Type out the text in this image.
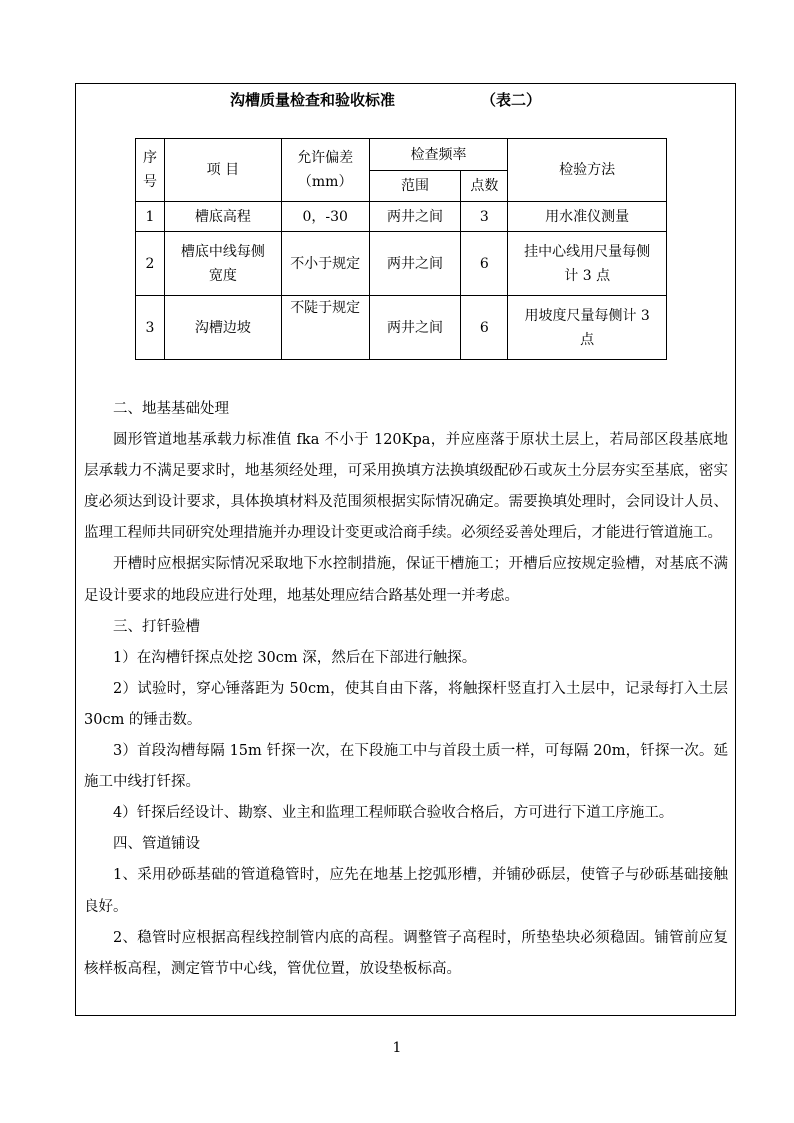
沟槽质量检查和验收标准	（表二）
序号	项 目	允许偏差（mm）	检查频率		检验方法
			范围	点数	
1	槽底高程	0，-30	两井之间	3	用水准仪测量
2	槽底中线每侧宽度	不小于规定	两井之间	6	挂中心线用尺量每侧计 3 点
3	沟槽边坡	不陡于规定	两井之间	6	用坡度尺量每侧计 3 点

二、地基基础处理

圆形管道地基承载力标准值 fka 不小于 120Kpa，并应座落于原状土层上，若局部区段基底地层承载力不满足要求时，地基须经处理，可采用换填方法换填级配砂石或灰土分层夯实至基底，密实度必须达到设计要求，具体换填材料及范围须根据实际情况确定。需要换填处理时，会同设计人员、监理工程师共同研究处理措施并办理设计变更或洽商手续。必须经妥善处理后，才能进行管道施工。

开槽时应根据实际情况采取地下水控制措施，保证干槽施工；开槽后应按规定验槽，对基底不满足设计要求的地段应进行处理，地基处理应结合路基处理一并考虑。

三、打钎验槽

1）在沟槽钎探点处挖 30cm 深，然后在下部进行触探。

2）试验时，穿心锤落距为 50cm，使其自由下落，将触探杆竖直打入土层中，记录每打入土层 30cm 的锤击数。

3）首段沟槽每隔 15m 钎探一次，在下段施工中与首段土质一样，可每隔 20m，钎探一次。延施工中线打钎探。

4）钎探后经设计、勘察、业主和监理工程师联合验收合格后，方可进行下道工序施工。

四、管道铺设

1、采用砂砾基础的管道稳管时，应先在地基上挖弧形槽，并铺砂砾层，使管子与砂砾基础接触良好。

2、稳管时应根据高程线控制管内底的高程。调整管子高程时，所垫垫块必须稳固。铺管前应复核样板高程，测定管节中心线，管优位置，放设垫板标高。

1
